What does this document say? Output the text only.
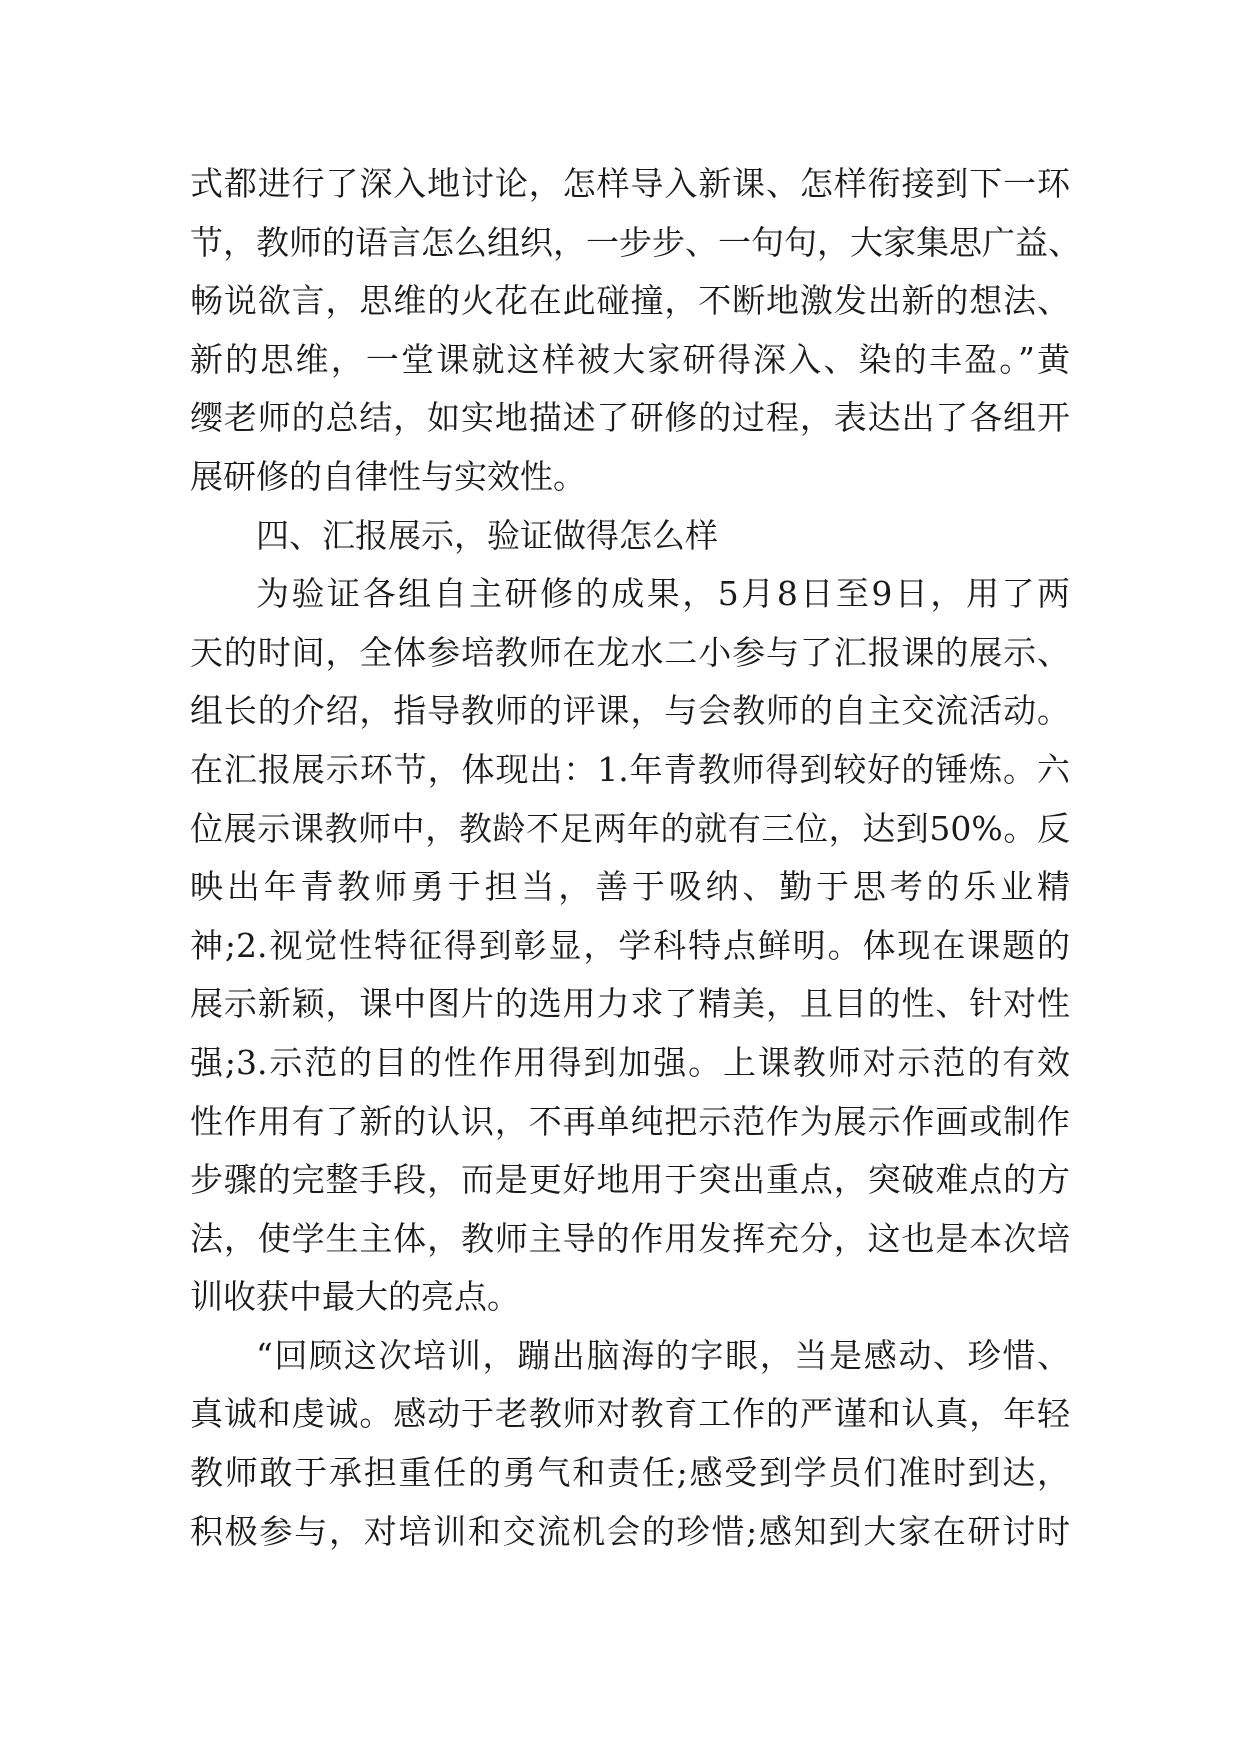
式都进行了深入地讨论，怎样导入新课、怎样衔接到下一环
节，教师的语言怎么组织，一步步、一句句，大家集思广益、
畅说欲言，思维的火花在此碰撞，不断地激发出新的想法、
新的思维，一堂课就这样被大家研得深入、染的丰盈。”黄
缨老师的总结，如实地描述了研修的过程，表达出了各组开
展研修的自律性与实效性。
四、汇报展示，验证做得怎么样
为验证各组自主研修的成果，5月8日至9日，用了两
天的时间，全体参培教师在龙水二小参与了汇报课的展示、
组长的介绍，指导教师的评课，与会教师的自主交流活动。
在汇报展示环节，体现出：1.年青教师得到较好的锤炼。六
位展示课教师中，教龄不足两年的就有三位，达到50%。反
映出年青教师勇于担当，善于吸纳、勤于思考的乐业精
神;2.视觉性特征得到彰显，学科特点鲜明。体现在课题的
展示新颖，课中图片的选用力求了精美，且目的性、针对性
强;3.示范的目的性作用得到加强。上课教师对示范的有效
性作用有了新的认识，不再单纯把示范作为展示作画或制作
步骤的完整手段，而是更好地用于突出重点，突破难点的方
法，使学生主体，教师主导的作用发挥充分，这也是本次培
训收获中最大的亮点。
“回顾这次培训，蹦出脑海的字眼，当是感动、珍惜、
真诚和虔诚。感动于老教师对教育工作的严谨和认真，年轻
教师敢于承担重任的勇气和责任;感受到学员们准时到达，
积极参与，对培训和交流机会的珍惜;感知到大家在研讨时
